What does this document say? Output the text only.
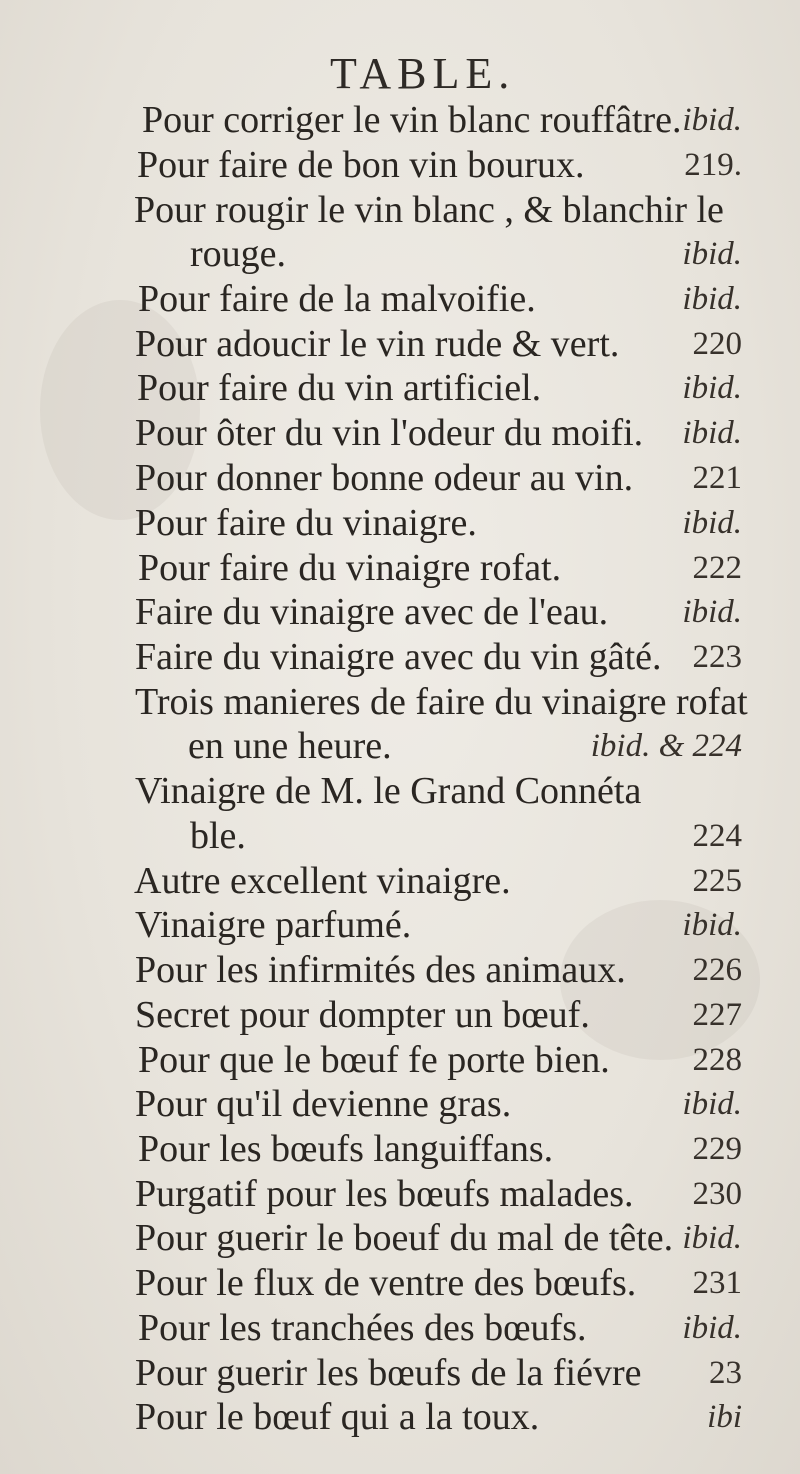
TABLE.
Pour corriger le vin blanc rouffâtre. ibid.
Pour faire de bon vin bourux.	219.
Pour rougir le vin blanc , & blanchir le
rouge.	ibid.
Pour faire de la malvoifie.	ibid.
Pour adoucir le vin rude & vert. 220
Pour faire du vin artificiel.	ibid.
Pour ôter du vin l'odeur du moifi. ibid.
Pour donner bonne odeur au vin. 221
Pour faire du vinaigre.	ibid.
Pour faire du vinaigre rofat.	222
Faire du vinaigre avec de l'eau. ibid.
Faire du vinaigre avec du vin gâté. 223
Trois manieres de faire du vinaigre rofat
en une heure.	ibid. & 224
Vinaigre de M. le Grand Connéta
ble.	224
Autre excellent vinaigre.	225
Vinaigre parfumé.	ibid.
Pour les infirmités des animaux. 226
Secret pour dompter un bœuf.	227
Pour que le bœuf fe porte bien.	228
Pour qu'il devienne gras.	ibid.
Pour les bœufs languiffans.	229
Purgatif pour les bœufs malades. 230
Pour guerir le boeuf du mal de tête. ibid.
Pour le flux de ventre des bœufs. 231
Pour les tranchées des bœufs.	ibid.
Pour guerir les bœufs de la fiévre 23
Pour le bœuf qui a la toux.	ibi
